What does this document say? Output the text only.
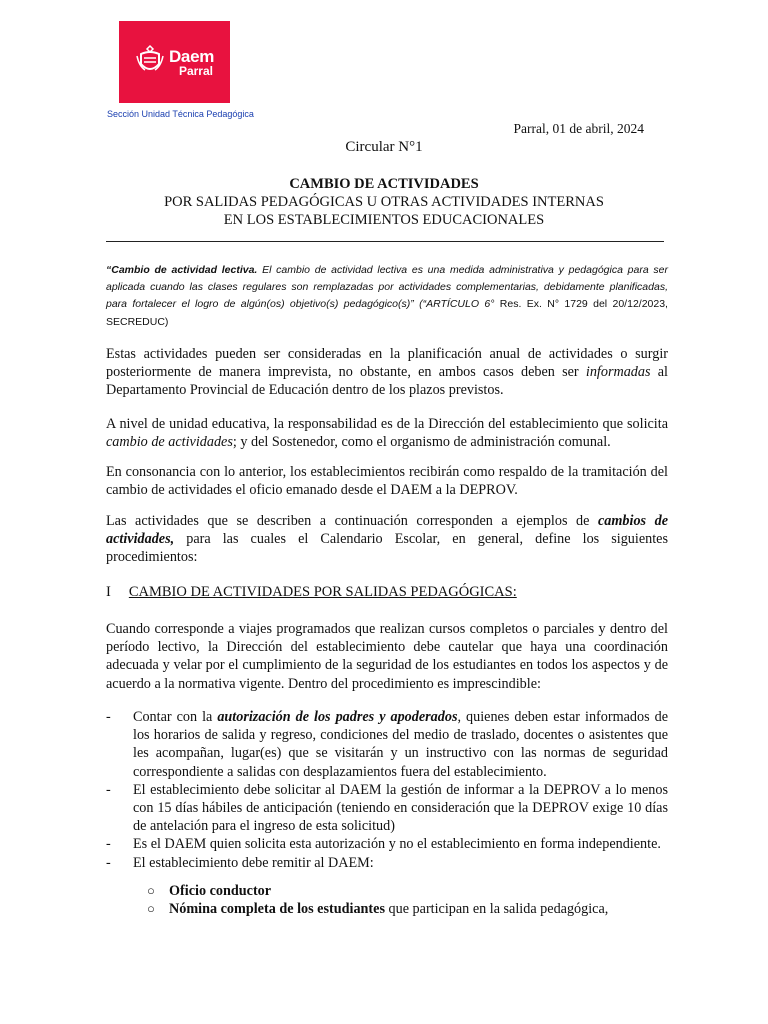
Daem
Parral
Sección Unidad Técnica Pedagógica
Parral, 01 de abril, 2024
Circular N°1
CAMBIO DE ACTIVIDADES
POR SALIDAS PEDAGÓGICAS U OTRAS ACTIVIDADES INTERNAS
EN LOS ESTABLECIMIENTOS EDUCACIONALES
“Cambio de actividad lectiva. El cambio de actividad lectiva es una medida administrativa y pedagógica para ser aplicada cuando las clases regulares son remplazadas por actividades complementarias, debidamente planificadas, para fortalecer el logro de algún(os) objetivo(s) pedagógico(s)” (“ARTÍCULO 6° Res. Ex. N° 1729 del 20/12/2023, SECREDUC)

Estas actividades pueden ser consideradas en la planificación anual de actividades o surgir posteriormente de manera imprevista, no obstante, en ambos casos deben ser informadas al Departamento Provincial de Educación dentro de los plazos previstos.

A nivel de unidad educativa, la responsabilidad es de la Dirección del establecimiento que solicita cambio de actividades; y del Sostenedor, como el organismo de administración comunal.

En consonancia con lo anterior, los establecimientos recibirán como respaldo de la tramitación del cambio de actividades el oficio emanado desde el DAEM a la DEPROV.

Las actividades que se describen a continuación corresponden a ejemplos de cambios de actividades, para las cuales el Calendario Escolar, en general, define los siguientes procedimientos:

I CAMBIO DE ACTIVIDADES POR SALIDAS PEDAGÓGICAS:

Cuando corresponde a viajes programados que realizan cursos completos o parciales y dentro del período lectivo, la Dirección del establecimiento debe cautelar que haya una coordinación adecuada y velar por el cumplimiento de la seguridad de los estudiantes en todos los aspectos y de acuerdo a la normativa vigente. Dentro del procedimiento es imprescindible:

- Contar con la autorización de los padres y apoderados, quienes deben estar informados de los horarios de salida y regreso, condiciones del medio de traslado, docentes o asistentes que les acompañan, lugar(es) que se visitarán y un instructivo con las normas de seguridad correspondiente a salidas con desplazamientos fuera del establecimiento.
- El establecimiento debe solicitar al DAEM la gestión de informar a la DEPROV a lo menos con 15 días hábiles de anticipación (teniendo en consideración que la DEPROV exige 10 días de antelación para el ingreso de esta solicitud)
- Es el DAEM quien solicita esta autorización y no el establecimiento en forma independiente.
- El establecimiento debe remitir al DAEM:
○ Oficio conductor
○ Nómina completa de los estudiantes que participan en la salida pedagógica,
